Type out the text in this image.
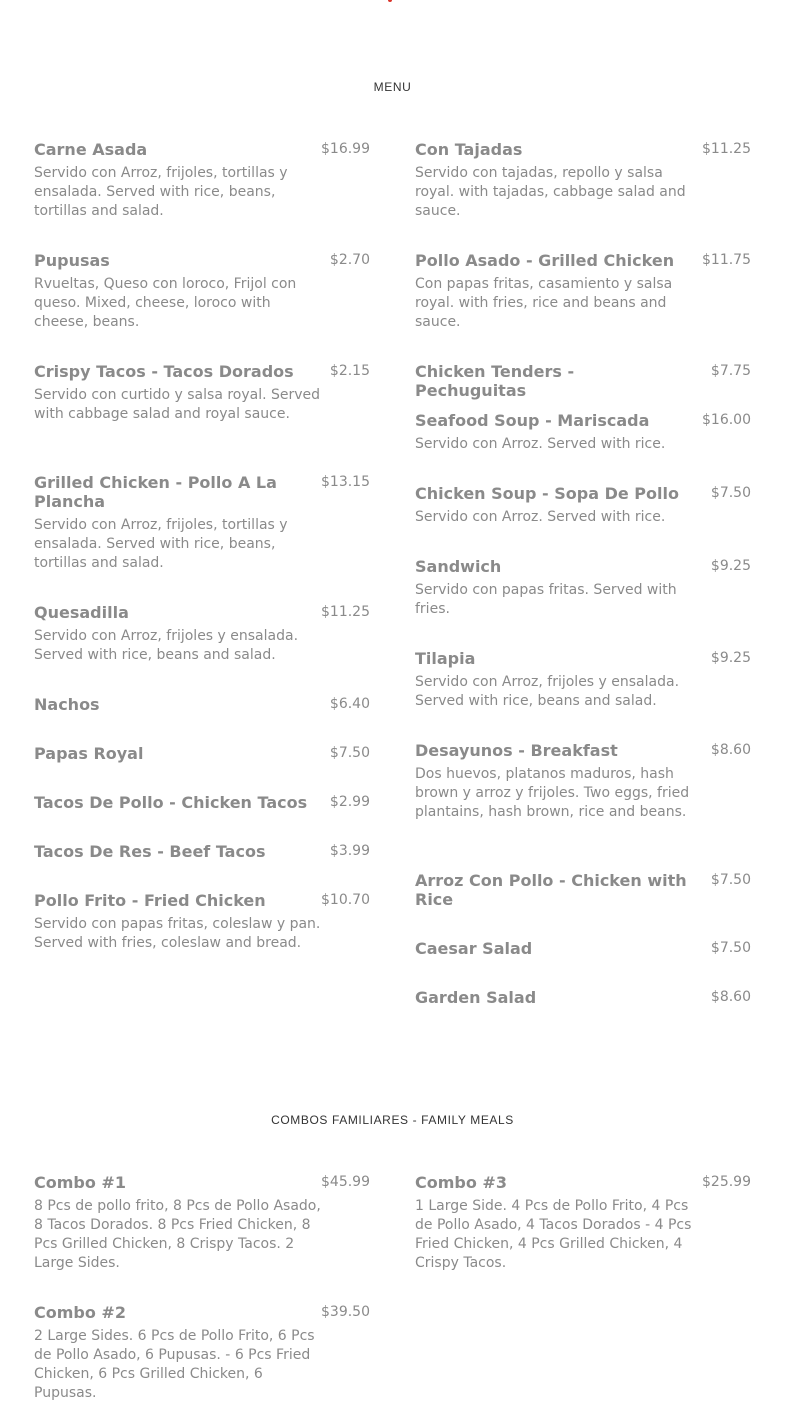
MENU
Carne Asada	$16.99
Servido con Arroz, frijoles, tortillas y ensalada. Served with rice, beans, tortillas and salad.
Pupusas	$2.70
Rvueltas, Queso con loroco, Frijol con queso. Mixed, cheese, loroco with cheese, beans.
Crispy Tacos - Tacos Dorados	$2.15
Servido con curtido y salsa royal. Served with cabbage salad and royal sauce.
Grilled Chicken - Pollo A La Plancha
$13.15
Servido con Arroz, frijoles, tortillas y ensalada. Served with rice, beans, tortillas and salad.
Quesadilla	$11.25
Servido con Arroz, frijoles y ensalada. Served with rice, beans and salad.
Nachos	$6.40
Papas Royal	$7.50
Tacos De Pollo - Chicken Tacos	$2.99
Tacos De Res - Beef Tacos	$3.99
Pollo Frito - Fried Chicken	$10.70
Servido con papas fritas, coleslaw y pan. Served with fries, coleslaw and bread.
Con Tajadas	$11.25
Servido con tajadas, repollo y salsa royal. with tajadas, cabbage salad and sauce.
Pollo Asado - Grilled Chicken	$11.75
Con papas fritas, casamiento y salsa royal. with fries, rice and beans and sauce.
Chicken Tenders - Pechuguitas
$7.75
Seafood Soup - Mariscada	$16.00
Servido con Arroz. Served with rice.
Chicken Soup - Sopa De Pollo	$7.50
Servido con Arroz. Served with rice.
Sandwich	$9.25
Servido con papas fritas. Served with fries.
Tilapia	$9.25
Servido con Arroz, frijoles y ensalada. Served with rice, beans and salad.
Desayunos - Breakfast	$8.60
Dos huevos, platanos maduros, hash brown y arroz y frijoles. Two eggs, fried plantains, hash brown, rice and beans.
Arroz Con Pollo - Chicken with Rice
$7.50
Caesar Salad	$7.50
Garden Salad	$8.60
COMBOS FAMILIARES - FAMILY MEALS
Combo #1	$45.99
8 Pcs de pollo frito, 8 Pcs de Pollo Asado, 8 Tacos Dorados. 8 Pcs Fried Chicken, 8 Pcs Grilled Chicken, 8 Crispy Tacos. 2 Large Sides.
Combo #2	$39.50
2 Large Sides. 6 Pcs de Pollo Frito, 6 Pcs de Pollo Asado, 6 Pupusas. - 6 Pcs Fried Chicken, 6 Pcs Grilled Chicken, 6 Pupusas.
Combo #3	$25.99
1 Large Side. 4 Pcs de Pollo Frito, 4 Pcs de Pollo Asado, 4 Tacos Dorados - 4 Pcs Fried Chicken, 4 Pcs Grilled Chicken, 4 Crispy Tacos.
